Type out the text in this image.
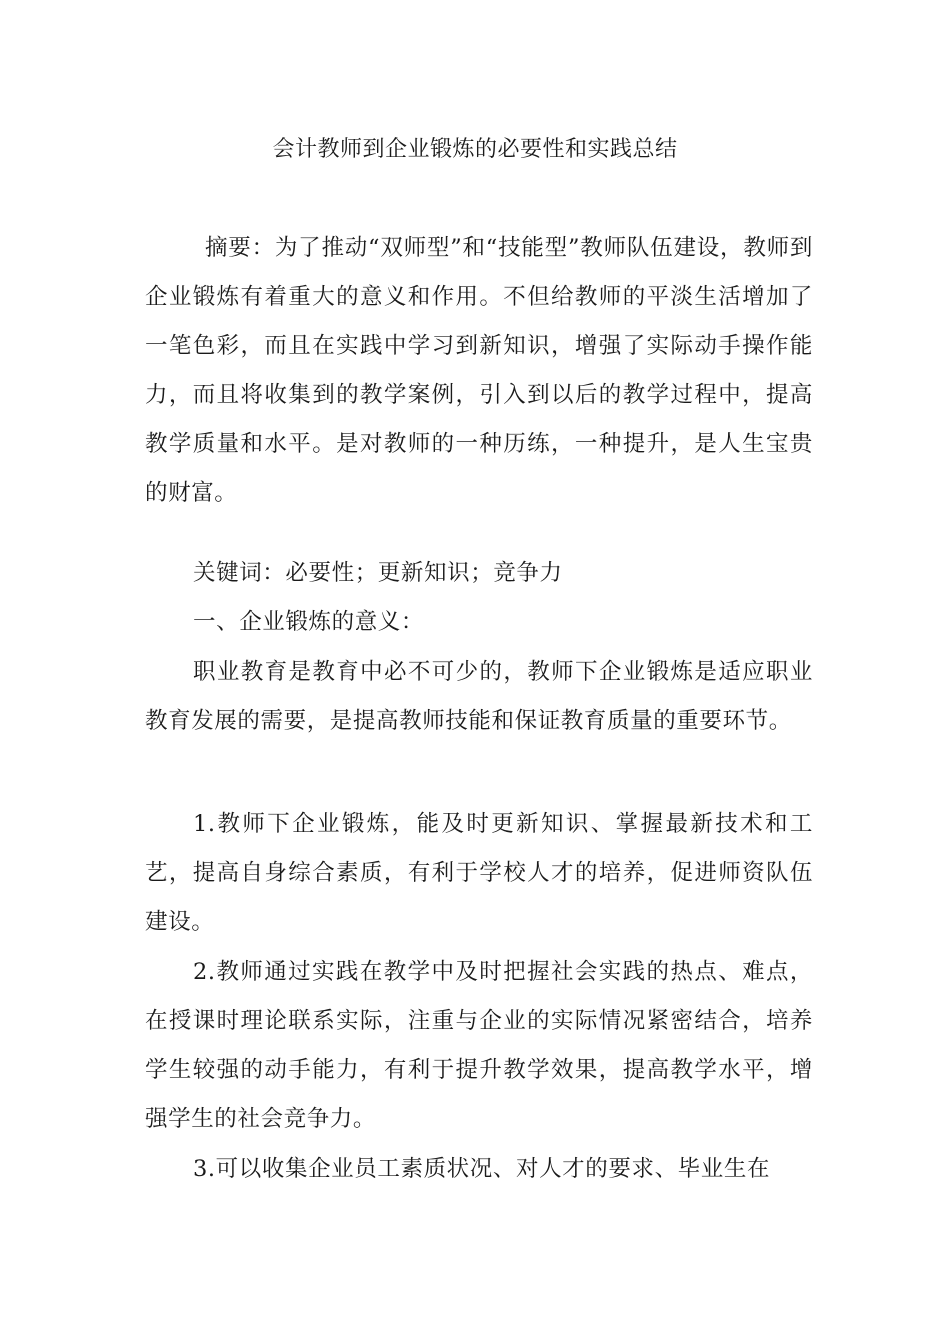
会计教师到企业锻炼的必要性和实践总结
摘要：为了推动“双师型”和“技能型”教师队伍建设，教师到企业锻炼有着重大的意义和作用。不但给教师的平淡生活增加了一笔色彩，而且在实践中学习到新知识，增强了实际动手操作能力，而且将收集到的教学案例，引入到以后的教学过程中，提高教学质量和水平。是对教师的一种历练，一种提升，是人生宝贵的财富。
关键词：必要性；更新知识；竞争力
一、企业锻炼的意义：
职业教育是教育中必不可少的，教师下企业锻炼是适应职业教育发展的需要，是提高教师技能和保证教育质量的重要环节。
1.教师下企业锻炼，能及时更新知识、掌握最新技术和工艺，提高自身综合素质，有利于学校人才的培养，促进师资队伍建设。
2.教师通过实践在教学中及时把握社会实践的热点、难点，在授课时理论联系实际，注重与企业的实际情况紧密结合，培养学生较强的动手能力，有利于提升教学效果，提高教学水平，增强学生的社会竞争力。
3.可以收集企业员工素质状况、对人才的要求、毕业生在
